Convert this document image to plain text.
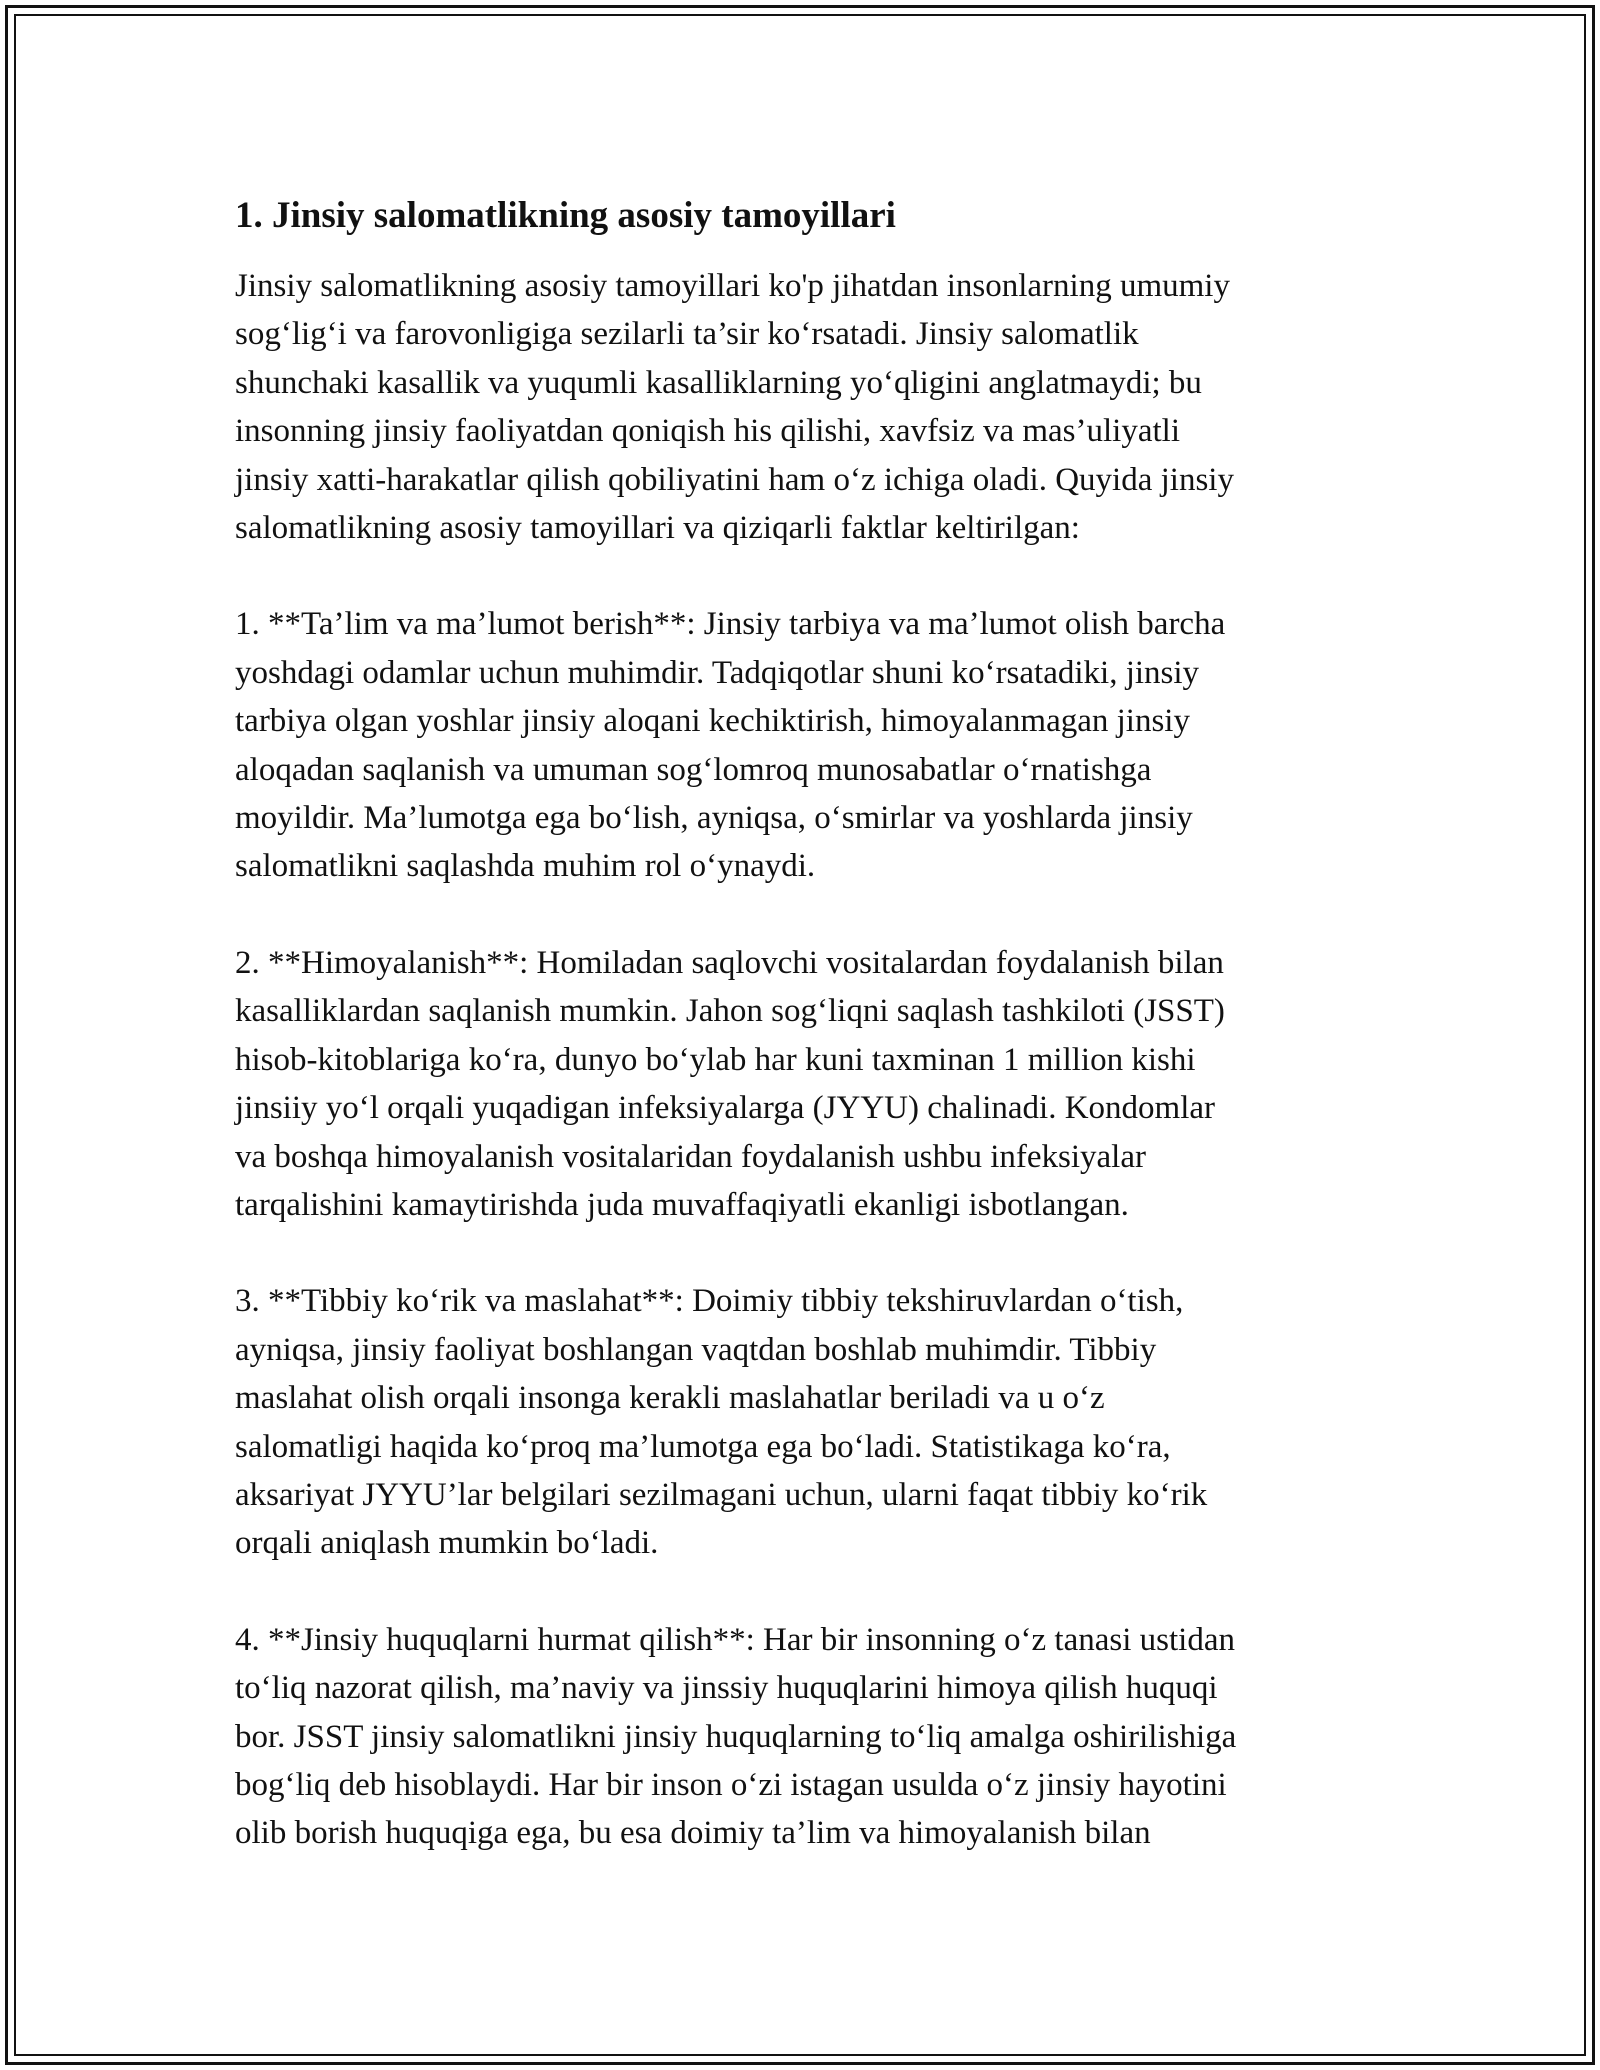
1. Jinsiy salomatlikning asosiy tamoyillari

Jinsiy salomatlikning asosiy tamoyillari ko'p jihatdan insonlarning umumiy
sog‘lig‘i va farovonligiga sezilarli ta’sir ko‘rsatadi. Jinsiy salomatlik
shunchaki kasallik va yuqumli kasalliklarning yo‘qligini anglatmaydi; bu
insonning jinsiy faoliyatdan qoniqish his qilishi, xavfsiz va mas’uliyatli
jinsiy xatti-harakatlar qilish qobiliyatini ham o‘z ichiga oladi. Quyida jinsiy
salomatlikning asosiy tamoyillari va qiziqarli faktlar keltirilgan:

1. **Ta’lim va ma’lumot berish**: Jinsiy tarbiya va ma’lumot olish barcha
yoshdagi odamlar uchun muhimdir. Tadqiqotlar shuni ko‘rsatadiki, jinsiy
tarbiya olgan yoshlar jinsiy aloqani kechiktirish, himoyalanmagan jinsiy
aloqadan saqlanish va umuman sog‘lomroq munosabatlar o‘rnatishga
moyildir. Ma’lumotga ega bo‘lish, ayniqsa, o‘smirlar va yoshlarda jinsiy
salomatlikni saqlashda muhim rol o‘ynaydi.

2. **Himoyalanish**: Homiladan saqlovchi vositalardan foydalanish bilan
kasalliklardan saqlanish mumkin. Jahon sog‘liqni saqlash tashkiloti (JSST)
hisob-kitoblariga ko‘ra, dunyo bo‘ylab har kuni taxminan 1 million kishi
jinsiiy yo‘l orqali yuqadigan infeksiyalarga (JYYU) chalinadi. Kondomlar
va boshqa himoyalanish vositalaridan foydalanish ushbu infeksiyalar
tarqalishini kamaytirishda juda muvaffaqiyatli ekanligi isbotlangan.

3. **Tibbiy ko‘rik va maslahat**: Doimiy tibbiy tekshiruvlardan o‘tish,
ayniqsa, jinsiy faoliyat boshlangan vaqtdan boshlab muhimdir. Tibbiy
maslahat olish orqali insonga kerakli maslahatlar beriladi va u o‘z
salomatligi haqida ko‘proq ma’lumotga ega bo‘ladi. Statistikaga ko‘ra,
aksariyat JYYU’lar belgilari sezilmagani uchun, ularni faqat tibbiy ko‘rik
orqali aniqlash mumkin bo‘ladi.

4. **Jinsiy huquqlarni hurmat qilish**: Har bir insonning o‘z tanasi ustidan
to‘liq nazorat qilish, ma’naviy va jinssiy huquqlarini himoya qilish huquqi
bor. JSST jinsiy salomatlikni jinsiy huquqlarning to‘liq amalga oshirilishiga
bog‘liq deb hisoblaydi. Har bir inson o‘zi istagan usulda o‘z jinsiy hayotini
olib borish huquqiga ega, bu esa doimiy ta’lim va himoyalanish bilan
